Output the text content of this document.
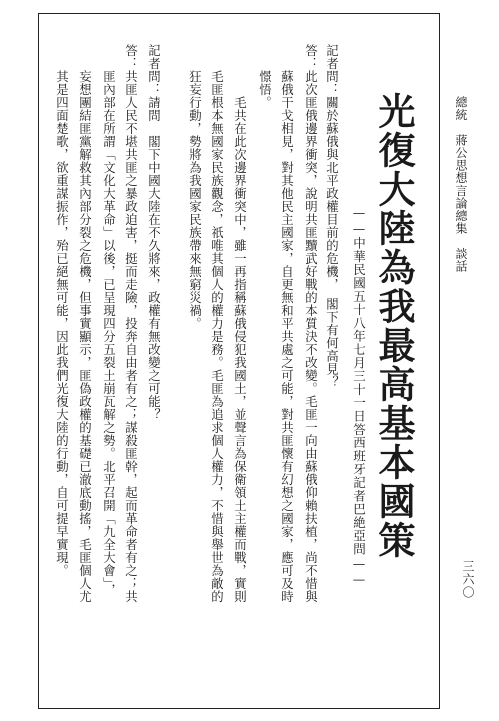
總統　蔣公思想言論總集　談話
三六〇
光復大陸為我最高基本國策
——中華民國五十八年七月三十一日答西班牙記者巴絶亞問——
記者問：關於蘇俄與北平政權目前的危機，　閣下有何高見？
答：此次匪俄邊界衝突，說明共匪黷武好戰的本質決不改變。毛匪一向由蘇俄仰賴扶植，尚不惜與
蘇俄干戈相見，對其他民主國家，自更無和平共處之可能，對共匪懷有幻想之國家，應可及時
憬悟。
毛共在此次邊界衝突中，雖一再指稱蘇俄侵犯我國土，並聲言為保衛領土主權而戰，實則
毛匪根本無國家民族觀念，祇唯其個人的權力是務。毛匪為追求個人權力，不惜與舉世為敵的
狂妄行動，勢將為我國家民族帶來無窮災禍。
記者問：請問　閣下中國大陸在不久將來，政權有無改變之可能？
答：共匪人民不堪共匪之暴政迫害，挺而走險，投奔自由者有之；謀殺匪幹，起而革命者有之；共
匪內部在所謂「文化大革命」以後，已呈現四分五裂土崩瓦解之勢。北平召開「九全大會」，
妄想團結匪黨解救其內部分裂之危機，但事實顯示，匪偽政權的基礎已澈底動搖，毛匪個人尤
其是四面楚歌，欲重謀振作，殆已絕無可能，因此我們光復大陸的行動，自可提早實現。
